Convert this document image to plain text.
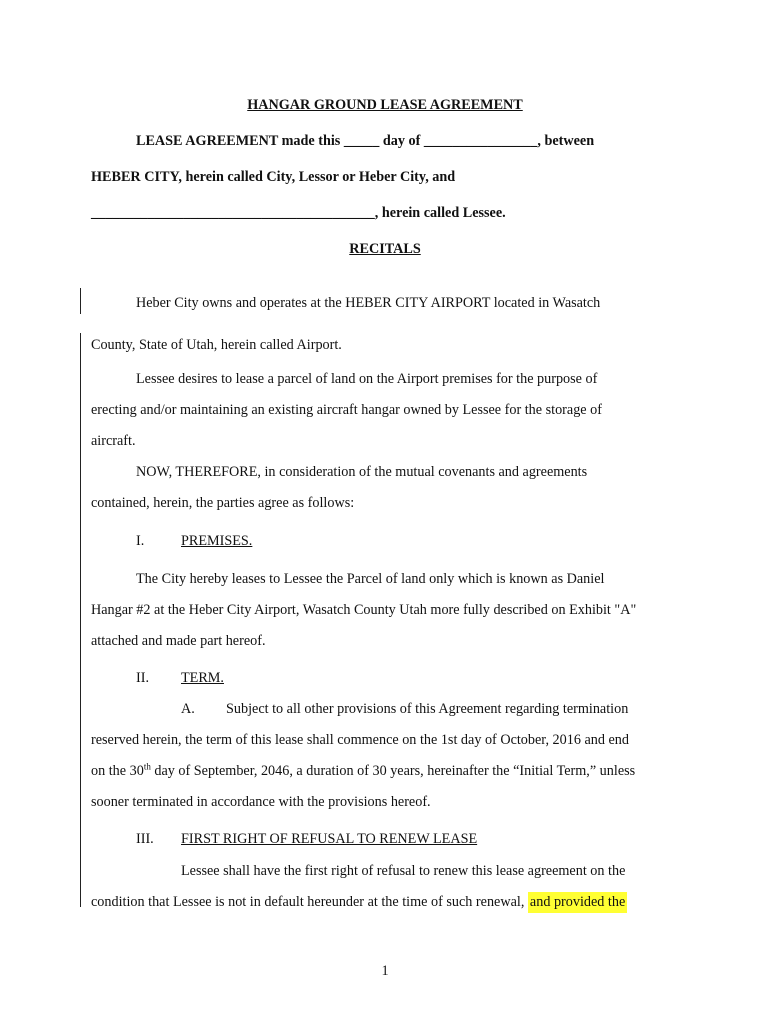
HANGAR GROUND LEASE AGREEMENT
LEASE AGREEMENT made this _____ day of ________________, between
HEBER CITY, herein called City, Lessor or Heber City, and
________________________________________, herein called Lessee.
RECITALS
Heber City owns and operates at the HEBER CITY AIRPORT located in Wasatch
County, State of Utah, herein called Airport.
Lessee desires to lease a parcel of land on the Airport premises for the purpose of
erecting and/or maintaining an existing aircraft hangar owned by Lessee for the storage of
aircraft.
NOW, THEREFORE, in consideration of the mutual covenants and agreements
contained, herein, the parties agree as follows:
I.	PREMISES.
The City hereby leases to Lessee the Parcel of land only which is known as Daniel
Hangar #2 at the Heber City Airport, Wasatch County Utah more fully described on Exhibit "A"
attached and made part hereof.
II. TERM.
A. Subject to all other provisions of this Agreement regarding termination
reserved herein, the term of this lease shall commence on the 1st day of October, 2016 and end
on the 30th day of September, 2046, a duration of 30 years, hereinafter the “Initial Term,” unless
sooner terminated in accordance with the provisions hereof.
III. FIRST RIGHT OF REFUSAL TO RENEW LEASE
Lessee shall have the first right of refusal to renew this lease agreement on the
condition that Lessee is not in default hereunder at the time of such renewal, and provided the
1
